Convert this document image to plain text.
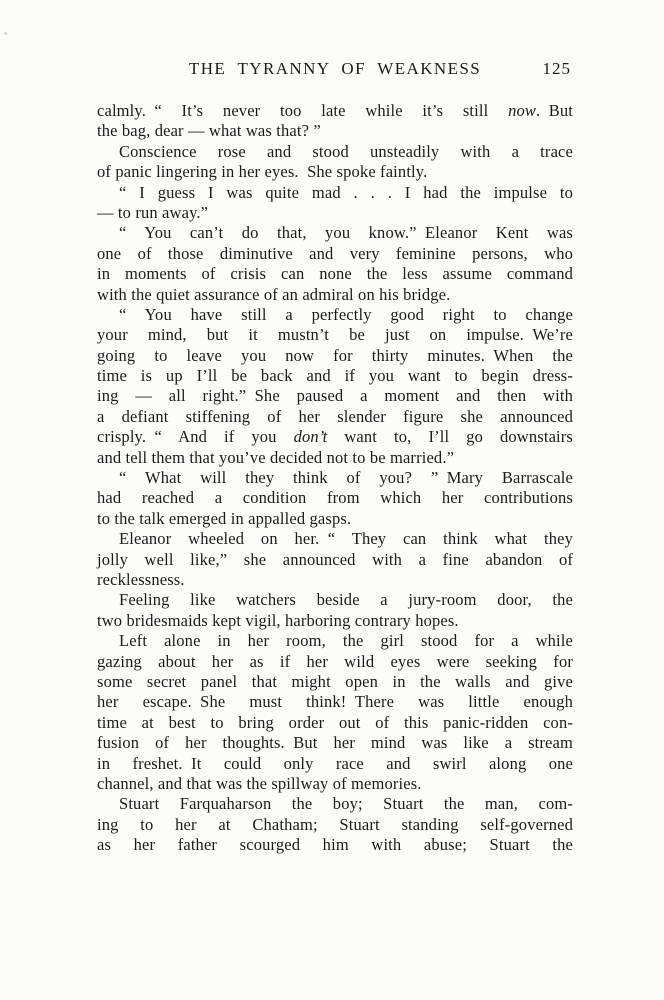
THE TYRANNY OF WEAKNESS	125
calmly. “ It’s never too late while it’s still now. But
the bag, dear — what was that? ”
Conscience rose and stood unsteadily with a trace
of panic lingering in her eyes. She spoke faintly.
“ I guess I was quite mad . . . I had the impulse to
— to run away.”
“ You can’t do that, you know.” Eleanor Kent was
one of those diminutive and very feminine persons, who
in moments of crisis can none the less assume command
with the quiet assurance of an admiral on his bridge.
“ You have still a perfectly good right to change
your mind, but it mustn’t be just on impulse. We’re
going to leave you now for thirty minutes. When the
time is up I’ll be back and if you want to begin dress-
ing — all right.” She paused a moment and then with
a defiant stiffening of her slender figure she announced
crisply. “ And if you don’t want to, I’ll go downstairs
and tell them that you’ve decided not to be married.”
“ What will they think of you? ” Mary Barrascale
had reached a condition from which her contributions
to the talk emerged in appalled gasps.
Eleanor wheeled on her. “ They can think what they
jolly well like,” she announced with a fine abandon of
recklessness.
Feeling like watchers beside a jury-room door, the
two bridesmaids kept vigil, harboring contrary hopes.
Left alone in her room, the girl stood for a while
gazing about her as if her wild eyes were seeking for
some secret panel that might open in the walls and give
her escape. She must think! There was little enough
time at best to bring order out of this panic-ridden con-
fusion of her thoughts. But her mind was like a stream
in freshet. It could only race and swirl along one
channel, and that was the spillway of memories.
Stuart Farquaharson the boy; Stuart the man, com-
ing to her at Chatham; Stuart standing self-governed
as her father scourged him with abuse; Stuart the
